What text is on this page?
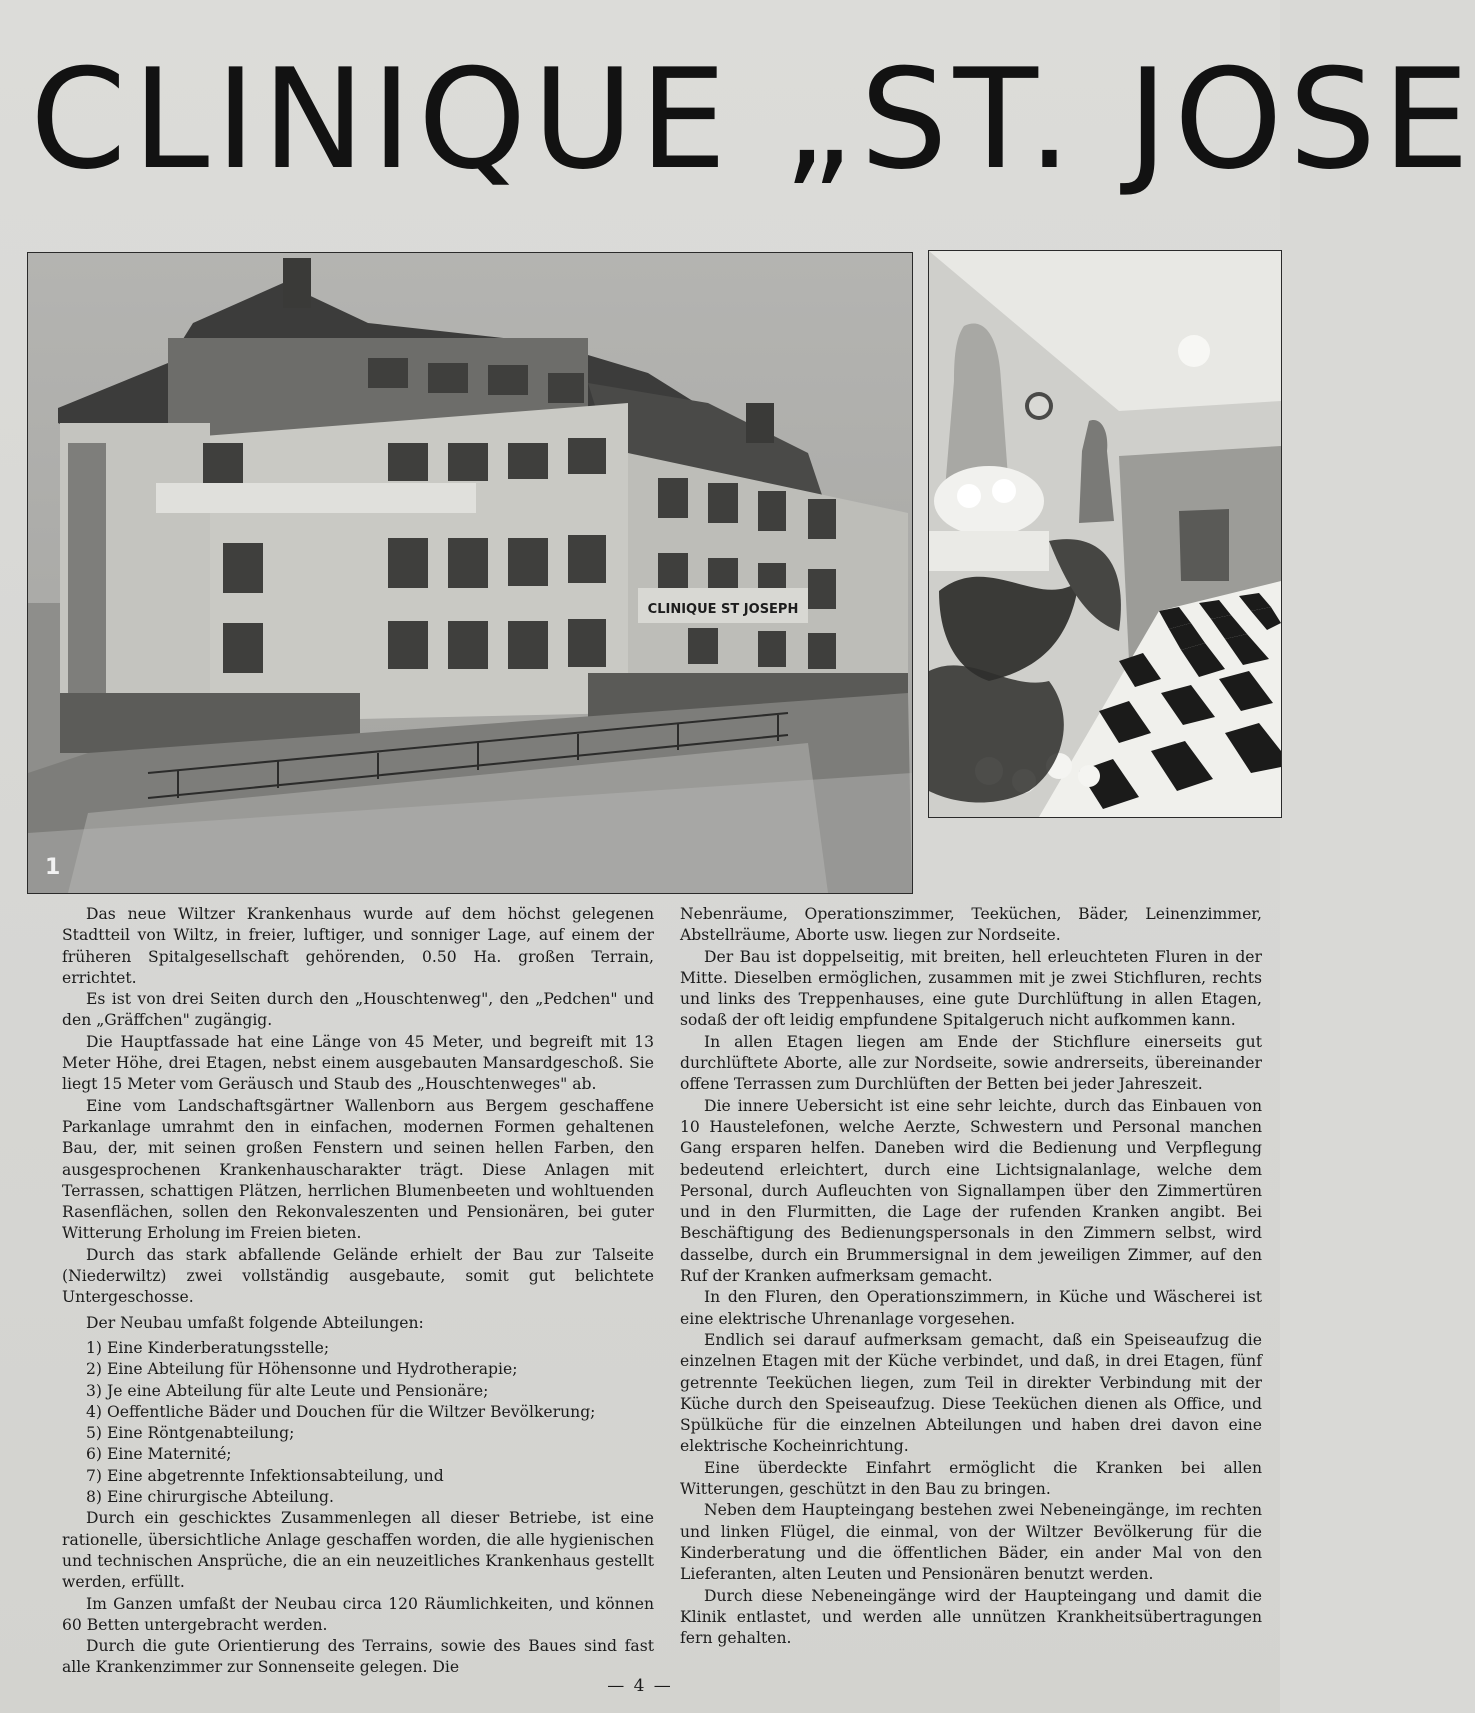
CLINIQUE „ST. JOSE
CLINIQUE ST JOSEPH
1

Das neue Wiltzer Krankenhaus wurde auf dem höchst gelegenen Stadtteil von Wiltz, in freier, luftiger, und sonniger Lage, auf einem der früheren Spitalgesellschaft gehörenden, 0.50 Ha. großen Terrain, errichtet.

Es ist von drei Seiten durch den „Houschtenweg", den „Pedchen" und den „Gräffchen" zugängig.

Die Hauptfassade hat eine Länge von 45 Meter, und begreift mit 13 Meter Höhe, drei Etagen, nebst einem ausgebauten Mansardgeschoß. Sie liegt 15 Meter vom Geräusch und Staub des „Houschtenweges" ab.

Eine vom Landschaftsgärtner Wallenborn aus Bergem geschaffene Parkanlage umrahmt den in einfachen, modernen Formen gehaltenen Bau, der, mit seinen großen Fenstern und seinen hellen Farben, den ausgesprochenen Krankenhauscharakter trägt. Diese Anlagen mit Terrassen, schattigen Plätzen, herrlichen Blumenbeeten und wohltuenden Rasenflächen, sollen den Rekonvaleszenten und Pensionären, bei guter Witterung Erholung im Freien bieten.

Durch das stark abfallende Gelände erhielt der Bau zur Talseite (Niederwiltz) zwei vollständig ausgebaute, somit gut belichtete Untergeschosse.

Der Neubau umfaßt folgende Abteilungen:

1) Eine Kinderberatungsstelle;
2) Eine Abteilung für Höhensonne und Hydrotherapie;
3) Je eine Abteilung für alte Leute und Pensionäre;
4) Oeffentliche Bäder und Douchen für die Wiltzer Bevölkerung;
5) Eine Röntgenabteilung;
6) Eine Maternité;
7) Eine abgetrennte Infektionsabteilung, und
8) Eine chirurgische Abteilung.

Durch ein geschicktes Zusammenlegen all dieser Betriebe, ist eine rationelle, übersichtliche Anlage geschaffen worden, die alle hygienischen und technischen Ansprüche, die an ein neuzeitliches Krankenhaus gestellt werden, erfüllt.

Im Ganzen umfaßt der Neubau circa 120 Räumlichkeiten, und können 60 Betten untergebracht werden.

Durch die gute Orientierung des Terrains, sowie des Baues sind fast alle Krankenzimmer zur Sonnenseite gelegen. Die

Nebenräume, Operationszimmer, Teeküchen, Bäder, Leinenzimmer, Abstellräume, Aborte usw. liegen zur Nordseite.

Der Bau ist doppelseitig, mit breiten, hell erleuchteten Fluren in der Mitte. Dieselben ermöglichen, zusammen mit je zwei Stichfluren, rechts und links des Treppenhauses, eine gute Durchlüftung in allen Etagen, sodaß der oft leidig empfundene Spitalgeruch nicht aufkommen kann.

In allen Etagen liegen am Ende der Stichflure einerseits gut durchlüftete Aborte, alle zur Nordseite, sowie andrerseits, übereinander offene Terrassen zum Durchlüften der Betten bei jeder Jahreszeit.

Die innere Uebersicht ist eine sehr leichte, durch das Einbauen von 10 Haustelefonen, welche Aerzte, Schwestern und Personal manchen Gang ersparen helfen. Daneben wird die Bedienung und Verpflegung bedeutend erleichtert, durch eine Lichtsignalanlage, welche dem Personal, durch Aufleuchten von Signallampen über den Zimmertüren und in den Flurmitten, die Lage der rufenden Kranken angibt. Bei Beschäftigung des Bedienungspersonals in den Zimmern selbst, wird dasselbe, durch ein Brummersignal in dem jeweiligen Zimmer, auf den Ruf der Kranken aufmerksam gemacht.

In den Fluren, den Operationszimmern, in Küche und Wäscherei ist eine elektrische Uhrenanlage vorgesehen.

Endlich sei darauf aufmerksam gemacht, daß ein Speiseaufzug die einzelnen Etagen mit der Küche verbindet, und daß, in drei Etagen, fünf getrennte Teeküchen liegen, zum Teil in direkter Verbindung mit der Küche durch den Speiseaufzug. Diese Teeküchen dienen als Office, und Spülküche für die einzelnen Abteilungen und haben drei davon eine elektrische Kocheinrichtung.

Eine überdeckte Einfahrt ermöglicht die Kranken bei allen Witterungen, geschützt in den Bau zu bringen.

Neben dem Haupteingang bestehen zwei Nebeneingänge, im rechten und linken Flügel, die einmal, von der Wiltzer Bevölkerung für die Kinderberatung und die öffentlichen Bäder, ein ander Mal von den Lieferanten, alten Leuten und Pensionären benutzt werden.

Durch diese Nebeneingänge wird der Haupteingang und damit die Klinik entlastet, und werden alle unnützen Krankheitsübertragungen fern gehalten.

— 4 —
